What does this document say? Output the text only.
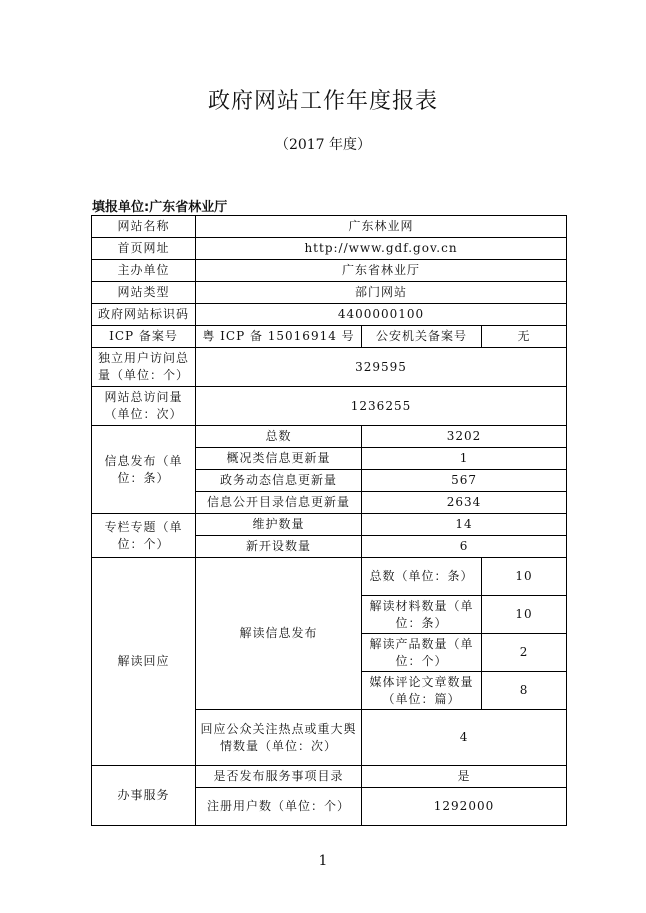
政府网站工作年度报表
（2017 年度）
填报单位:广东省林业厅
网站名称	广东林业网		
首页网址	http://www.gdf.gov.cn		
主办单位	广东省林业厅		
网站类型	部门网站		
政府网站标识码	4400000100		
ICP 备案号	粤 ICP 备 15016914 号	公安机关备案号	无
独立用户访问总量（单位：个）	329595		
网站总访问量（单位：次）	1236255		
信息发布（单位：条）	总数	3202	
	概况类信息更新量	1	
	政务动态信息更新量	567	
	信息公开目录信息更新量	2634	
专栏专题（单位：个）	维护数量	14	
	新开设数量	6	
解读回应	解读信息发布	总数（单位：条）	10
		解读材料数量（单位：条）	10
		解读产品数量（单位：个）	2
		媒体评论文章数量（单位：篇）	8
	回应公众关注热点或重大舆情数量（单位：次）	4	
办事服务	是否发布服务事项目录	是	
	注册用户数（单位：个）	1292000	
1
